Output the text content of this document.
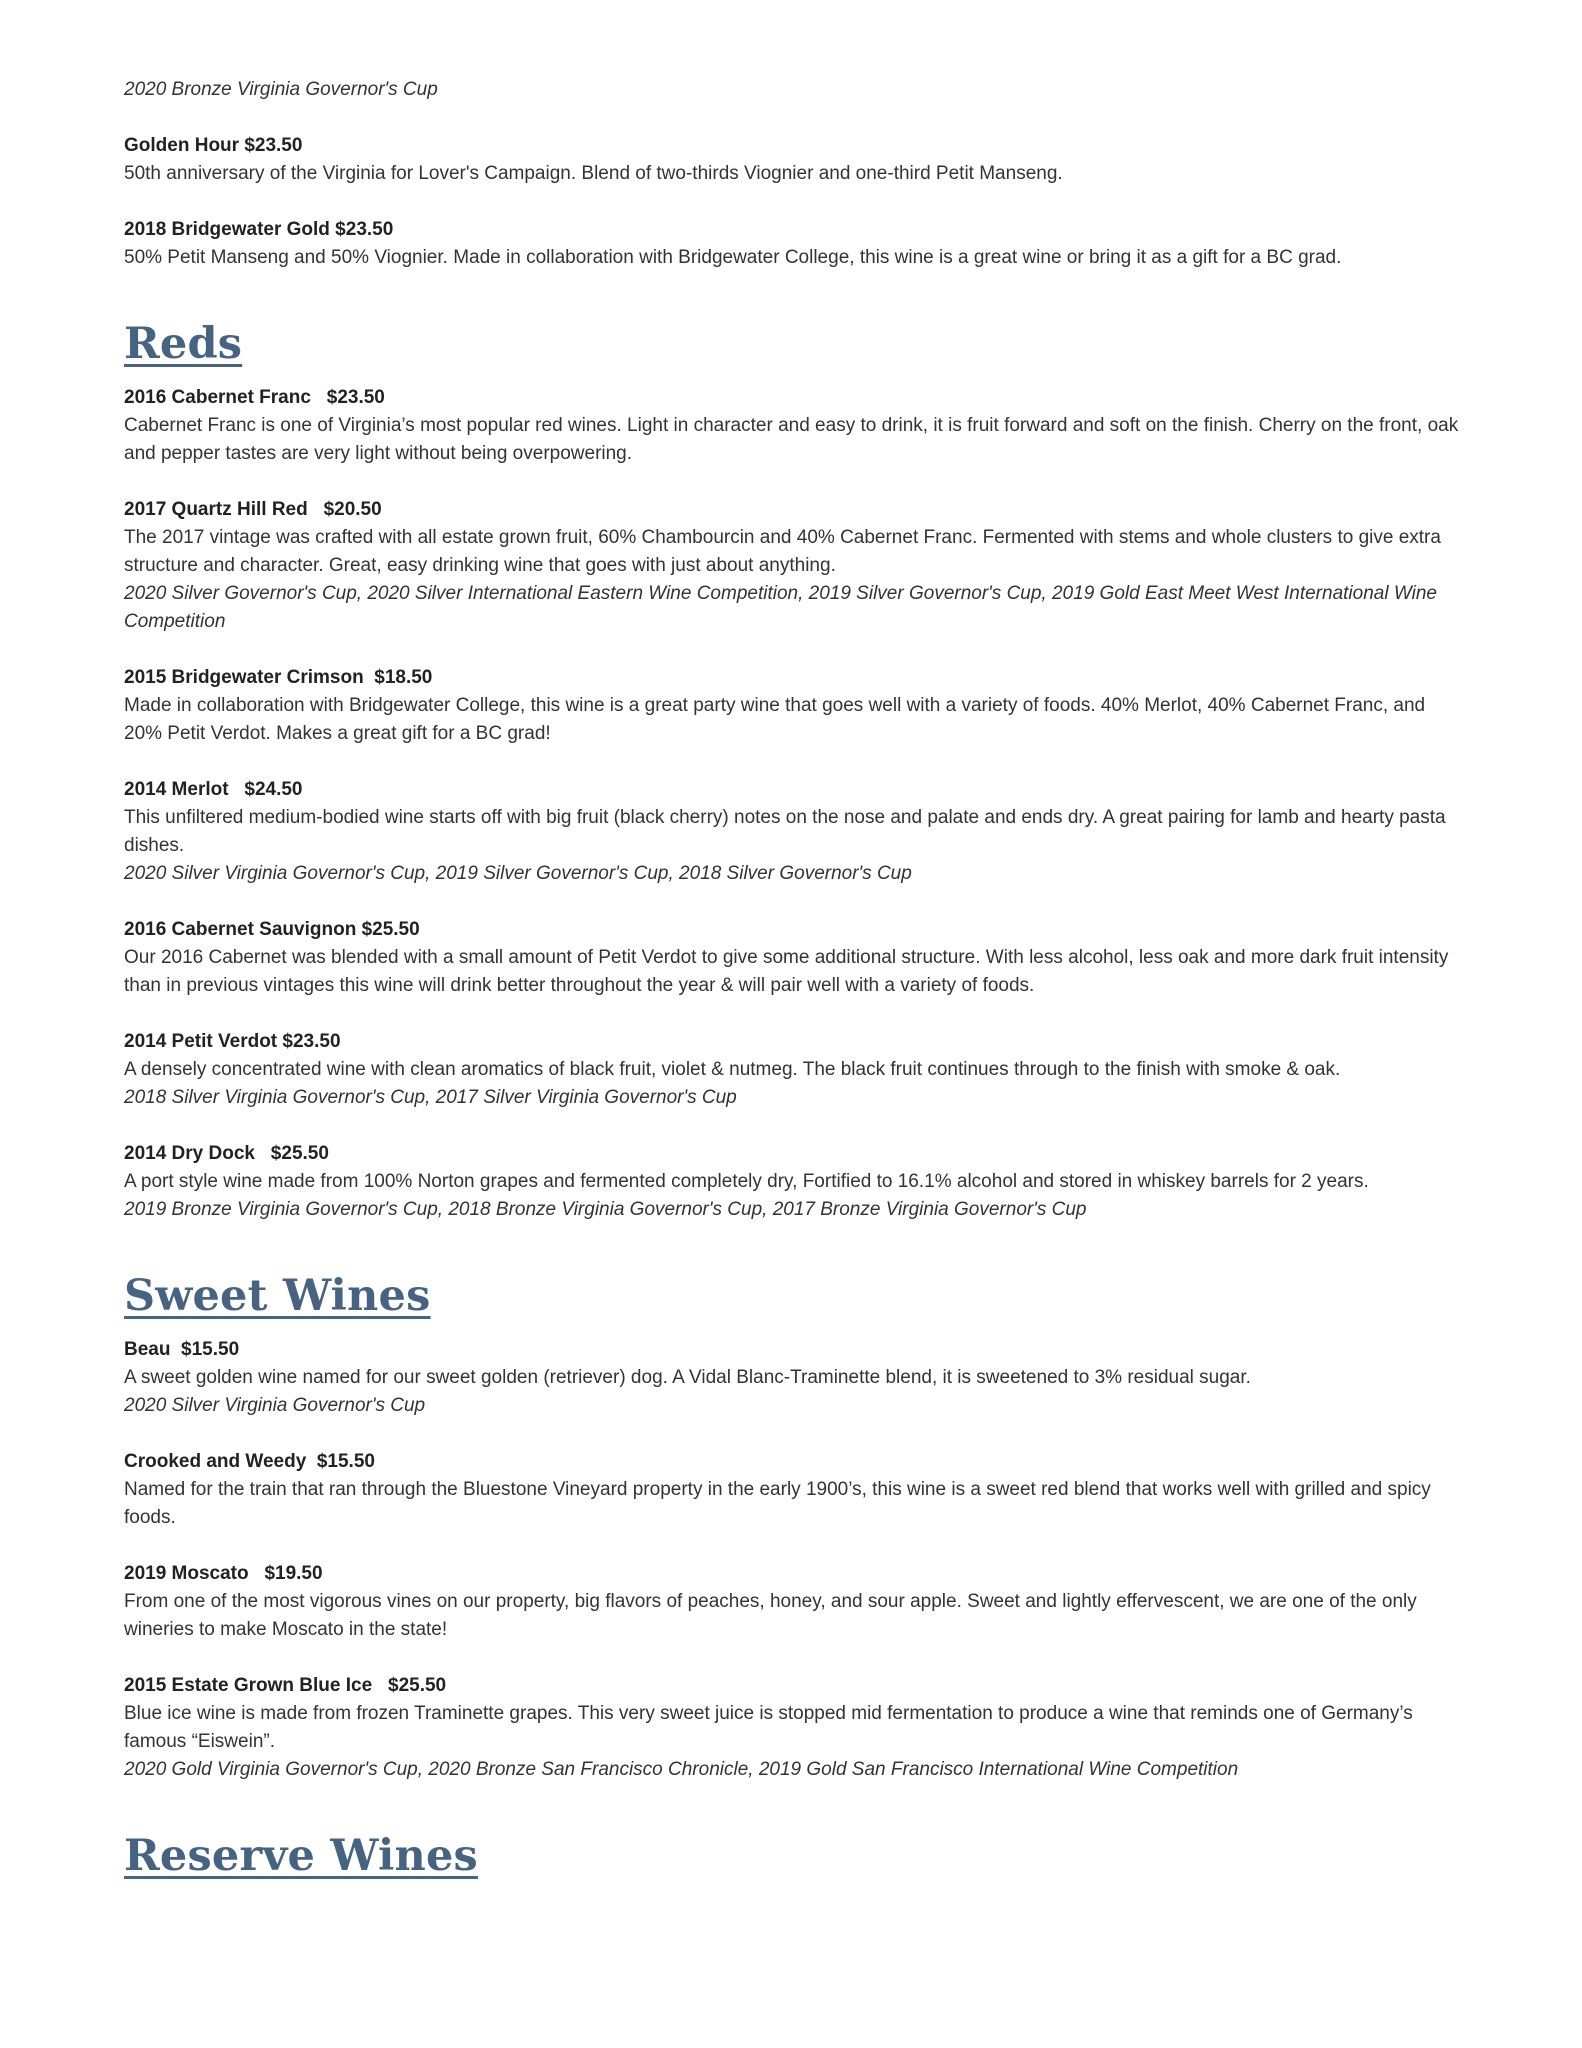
2020 Bronze Virginia Governor's Cup

Golden Hour $23.50

50th anniversary of the Virginia for Lover's Campaign. Blend of two-thirds Viognier and one-third Petit Manseng.

2018 Bridgewater Gold $23.50

50% Petit Manseng and 50% Viognier. Made in collaboration with Bridgewater College, this wine is a great wine or bring it as a gift for a BC grad.

Reds

2016 Cabernet Franc   $23.50

Cabernet Franc is one of Virginia’s most popular red wines. Light in character and easy to drink, it is fruit forward and soft on the finish. Cherry on the front, oak and pepper tastes are very light without being overpowering.

2017 Quartz Hill Red   $20.50

The 2017 vintage was crafted with all estate grown fruit, 60% Chambourcin and 40% Cabernet Franc. Fermented with stems and whole clusters to give extra structure and character. Great, easy drinking wine that goes with just about anything.

2020 Silver Governor's Cup, 2020 Silver International Eastern Wine Competition, 2019 Silver Governor's Cup, 2019 Gold East Meet West International Wine Competition

2015 Bridgewater Crimson  $18.50

Made in collaboration with Bridgewater College, this wine is a great party wine that goes well with a variety of foods. 40% Merlot, 40% Cabernet Franc, and 20% Petit Verdot. Makes a great gift for a BC grad!

2014 Merlot   $24.50

This unfiltered medium-bodied wine starts off with big fruit (black cherry) notes on the nose and palate and ends dry. A great pairing for lamb and hearty pasta dishes.

2020 Silver Virginia Governor's Cup, 2019 Silver Governor's Cup, 2018 Silver Governor's Cup

2016 Cabernet Sauvignon $25.50

Our 2016 Cabernet was blended with a small amount of Petit Verdot to give some additional structure. With less alcohol, less oak and more dark fruit intensity than in previous vintages this wine will drink better throughout the year & will pair well with a variety of foods.

2014 Petit Verdot $23.50

A densely concentrated wine with clean aromatics of black fruit, violet & nutmeg. The black fruit continues through to the finish with smoke & oak.

2018 Silver Virginia Governor's Cup, 2017 Silver Virginia Governor's Cup

2014 Dry Dock   $25.50

A port style wine made from 100% Norton grapes and fermented completely dry, Fortified to 16.1% alcohol and stored in whiskey barrels for 2 years.

2019 Bronze Virginia Governor's Cup, 2018 Bronze Virginia Governor's Cup, 2017 Bronze Virginia Governor's Cup

Sweet Wines

Beau  $15.50

A sweet golden wine named for our sweet golden (retriever) dog. A Vidal Blanc-Traminette blend, it is sweetened to 3% residual sugar.

2020 Silver Virginia Governor's Cup

Crooked and Weedy  $15.50

Named for the train that ran through the Bluestone Vineyard property in the early 1900’s, this wine is a sweet red blend that works well with grilled and spicy foods.

2019 Moscato   $19.50

From one of the most vigorous vines on our property, big flavors of peaches, honey, and sour apple. Sweet and lightly effervescent, we are one of the only wineries to make Moscato in the state!

2015 Estate Grown Blue Ice   $25.50

Blue ice wine is made from frozen Traminette grapes. This very sweet juice is stopped mid fermentation to produce a wine that reminds one of Germany’s famous “Eiswein”.

2020 Gold Virginia Governor's Cup, 2020 Bronze San Francisco Chronicle, 2019 Gold San Francisco International Wine Competition

Reserve Wines
